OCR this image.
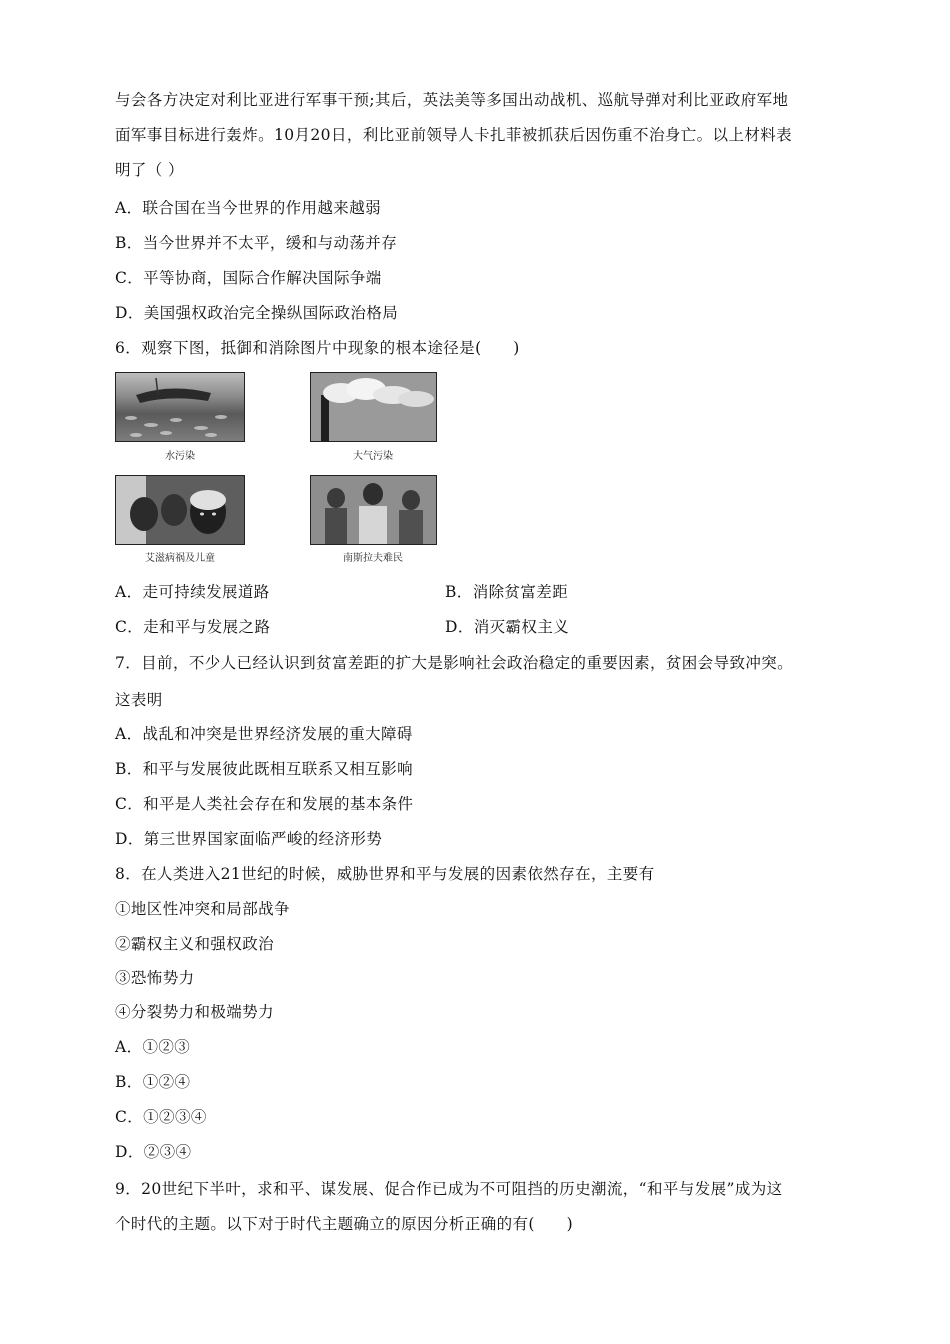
与会各方决定对利比亚进行军事干预;其后，英法美等多国出动战机、巡航导弹对利比亚政府军地
面军事目标进行轰炸。10月20日，利比亚前领导人卡扎菲被抓获后因伤重不治身亡。以上材料表
明了（ ）
A．联合国在当今世界的作用越来越弱
B．当今世界并不太平，缓和与动荡并存
C．平等协商，国际合作解决国际争端
D．美国强权政治完全操纵国际政治格局
6．观察下图，抵御和消除图片中现象的根本途径是(　　)
水污染	大气污染
艾滋病祸及儿童	南斯拉夫难民
A．走可持续发展道路	B．消除贫富差距
C．走和平与发展之路	D．消灭霸权主义
7．目前，不少人已经认识到贫富差距的扩大是影响社会政治稳定的重要因素，贫困会导致冲突。
这表明
A．战乱和冲突是世界经济发展的重大障碍
B．和平与发展彼此既相互联系又相互影响
C．和平是人类社会存在和发展的基本条件
D．第三世界国家面临严峻的经济形势
8．在人类进入21世纪的时候，威胁世界和平与发展的因素依然存在，主要有
①地区性冲突和局部战争
②霸权主义和强权政治
③恐怖势力
④分裂势力和极端势力
A．①②③
B．①②④
C．①②③④
D．②③④
9．20世纪下半叶，求和平、谋发展、促合作已成为不可阻挡的历史潮流，“和平与发展”成为这
个时代的主题。以下对于时代主题确立的原因分析正确的有(　　)
